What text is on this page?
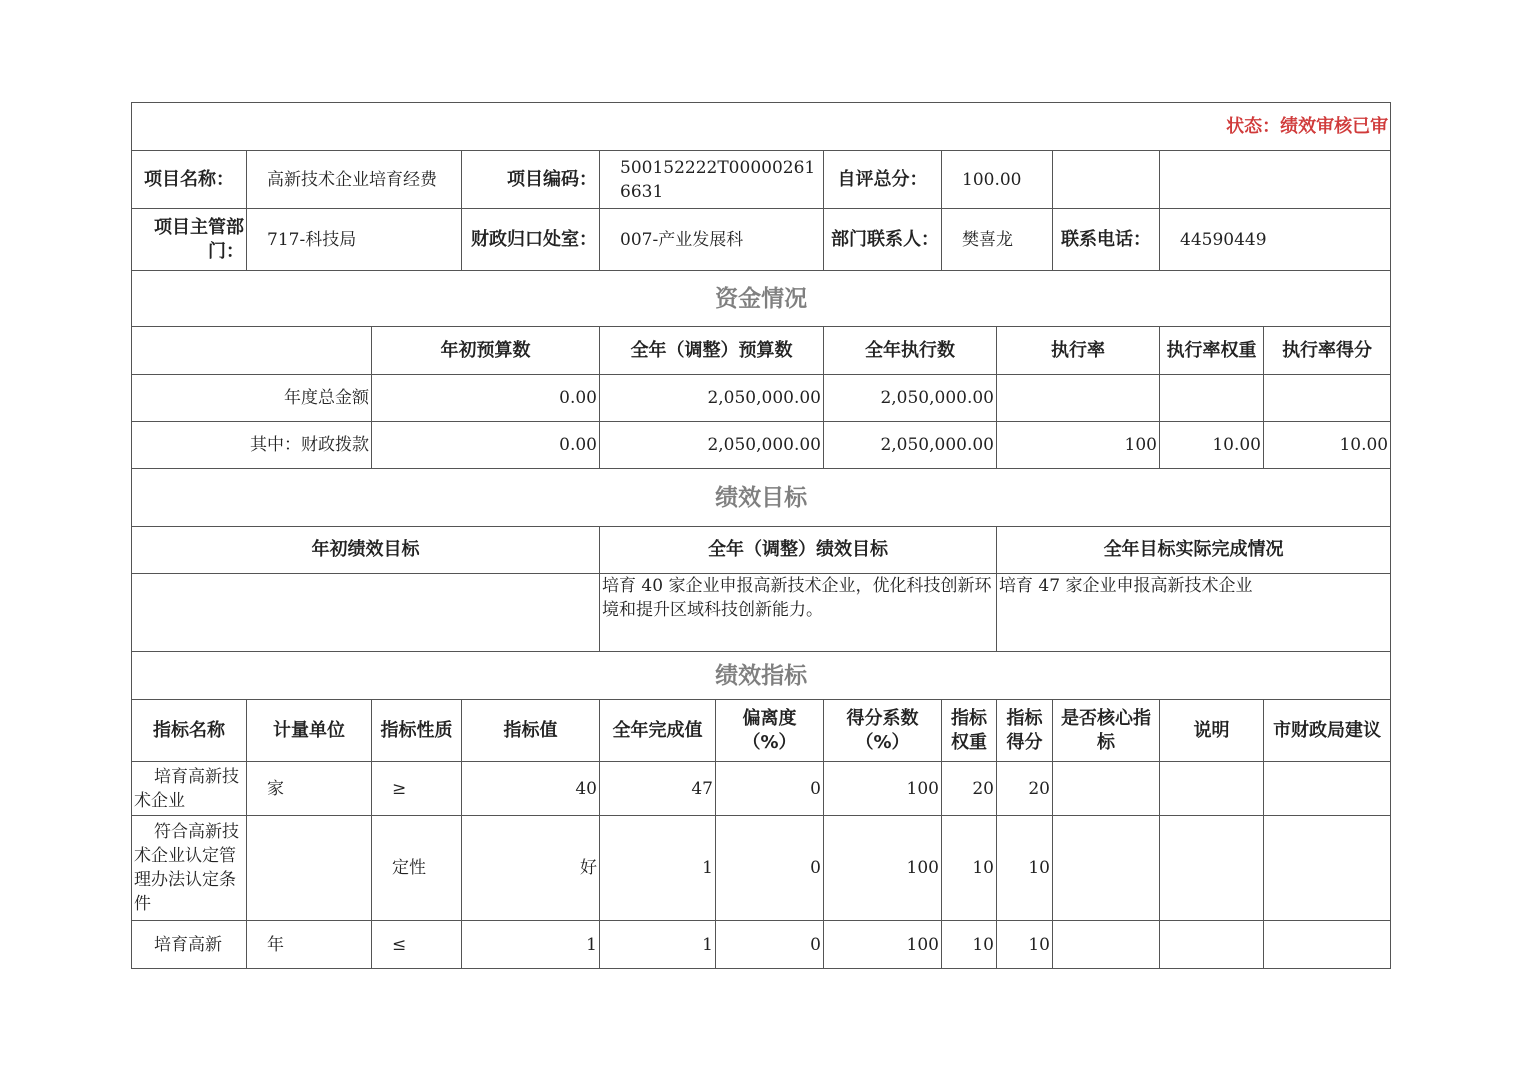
状态：绩效审核已审											
项目名称：	高新技术企业培育经费		项目编码：	500152222T000002616631		自评总分：	100.00				
项目主管部门：	717-科技局		财政归口处室：	007-产业发展科		部门联系人：	樊喜龙		联系电话：	44590449	
资金情况											
		年初预算数		全年（调整）预算数		全年执行数		执行率		执行率权重	执行率得分
年度总金额		0.00		2,050,000.00		2,050,000.00					
其中：财政拨款		0.00		2,050,000.00		2,050,000.00		100		10.00	10.00
绩效目标											
年初绩效目标				全年（调整）绩效目标				全年目标实际完成情况			
				培育 40 家企业申报高新技术企业，优化科技创新环境和提升区域科技创新能力。				培育 47 家企业申报高新技术企业			
绩效指标											
指标名称	计量单位	指标性质	指标值	全年完成值	偏离度（%）	得分系数（%）	指标权重	指标得分	是否核心指标	说明	市财政局建议
培育高新技术企业	家	≥	40	47	0	100	20	20			
符合高新技术企业认定管理办法认定条件		定性	好	1	0	100	10	10			
培育高新	年	≤	1	1	0	100	10	10			
